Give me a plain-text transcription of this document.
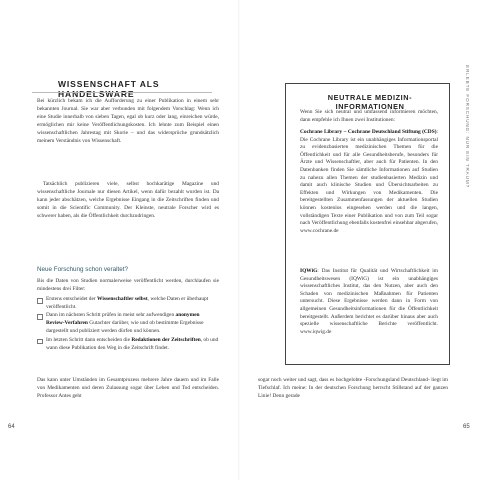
WISSENSCHAFT ALS HANDELSWARE
Bei kürzlich bekam ich die Aufforderung zu einer Publikation in einem sehr bekannten Journal. Sie war aber verbunden mit folgendem Vorschlag: Wenn ich eine Studie innerhalb von sieben Tagen, egal ob kurz oder lang, einreichen würde, ermöglichen mir keine Veröffentlichungskosten. Ich lehnte zum Beispiel einen wissenschaftlichen Jahrestag mit Skorie – und das widersprüche grundsätzlich meinem Verständnis von Wissenschaft.
Tatsächlich publizieren viele, selbst hochkarätige Magazine und wissenschaftliche Journale nur diesen Artikel, wenn dafür bezahlt wurden ist. Da kann jeder abschätzen, welche Ergebnisse Eingang in die Zeitschriften finden und somit in die Scientific Community. Der Kleinste, neutrale Forscher wird es schwerer haben, als die Öffentlichkeit durchzudringen.
Neue Forschung schon veraltet?
Bis die Daten von Studien normalerweise veröffentlicht werden, durchlaufen sie mindestens drei Filter:
Erstens entscheidet der Wissenschaftler selbst, welche Daten er überhaupt veröffentlicht.
Dann im nächsten Schritt prüfen in meist sehr aufwendigen anonymen Review-Verfahren Gutachter darüber, wie und ob bestimmte Ergebnisse dargestellt und publiziert werden dürfen und können.
Im letzten Schritt dann entscheiden die Redaktionen der Zeitschriften, ob und wann diese Publikation den Weg in die Zeitschrift findet.
Das kann unter Umständen im Gesamtprozess mehrere Jahre dauern und im Falle von Medikamenten und deren Zulassung sogar über Leben und Tod entscheiden. Professor Antes geht
64
NEUTRALE MEDIZIN-INFORMATIONEN
Wenn Sie sich neutral und umfassend informieren möchten, dann empfehle ich Ihnen zwei Institutionen:
Cochrane Library – Cochrane Deutschland Stiftung (CDS): Die Cochrane Library ist ein unabhängiges Informationsportal zu evidenzbasierten medizinischen Themen für die Öffentlichkeit und für alle Gesundheitsberufe, besonders für Ärzte und Wissenschaftler, aber auch für Patienten. In den Datenbanken finden Sie sämtliche Informationen auf Studien zu nahezu allen Themen der studienbasierten Medizin und damit auch klinische Studien und Übersichtsarbeiten zu Effekten und Wirkungen von Medikamenten. Die bereitgestellten Zusammenfassungen der aktuellen Studien können kostenlos eingesehen werden und die langen, vollständigen Texte einer Publikation und von zum Teil sogar nach Veröffentlichung ebenfalls kostenfrei einsehbar abgerufen, www.cochrane.de
IQWiG: Das Institut für Qualität und Wirtschaftlichkeit im Gesundheitswesen (IQWiG) ist ein unabhängiges wissenschaftliches Institut, das den Nutzen, aber auch den Schaden von medizinischen Maßnahmen für Patienten untersucht. Diese Ergebnisse werden dann in Form von allgemeinen Gesundheitsinformationen für die Öffentlichkeit bereitgestellt. Außerdem berichtet es darüber hinaus aber auch spezielle wissenschaftliche Berichte veröffentlicht. www.iqwig.de
sogar noch weiter und sagt, dass es hochgelobte -Forschungsland Deutschland- liegt im Tiefschlaf. Ich meine: In der deutschen Forschung herrscht Stillstand auf der ganzen Linie! Denn gerade
65
ERLEBTE FORSCHUNG: NUR EIN TRAUM?
